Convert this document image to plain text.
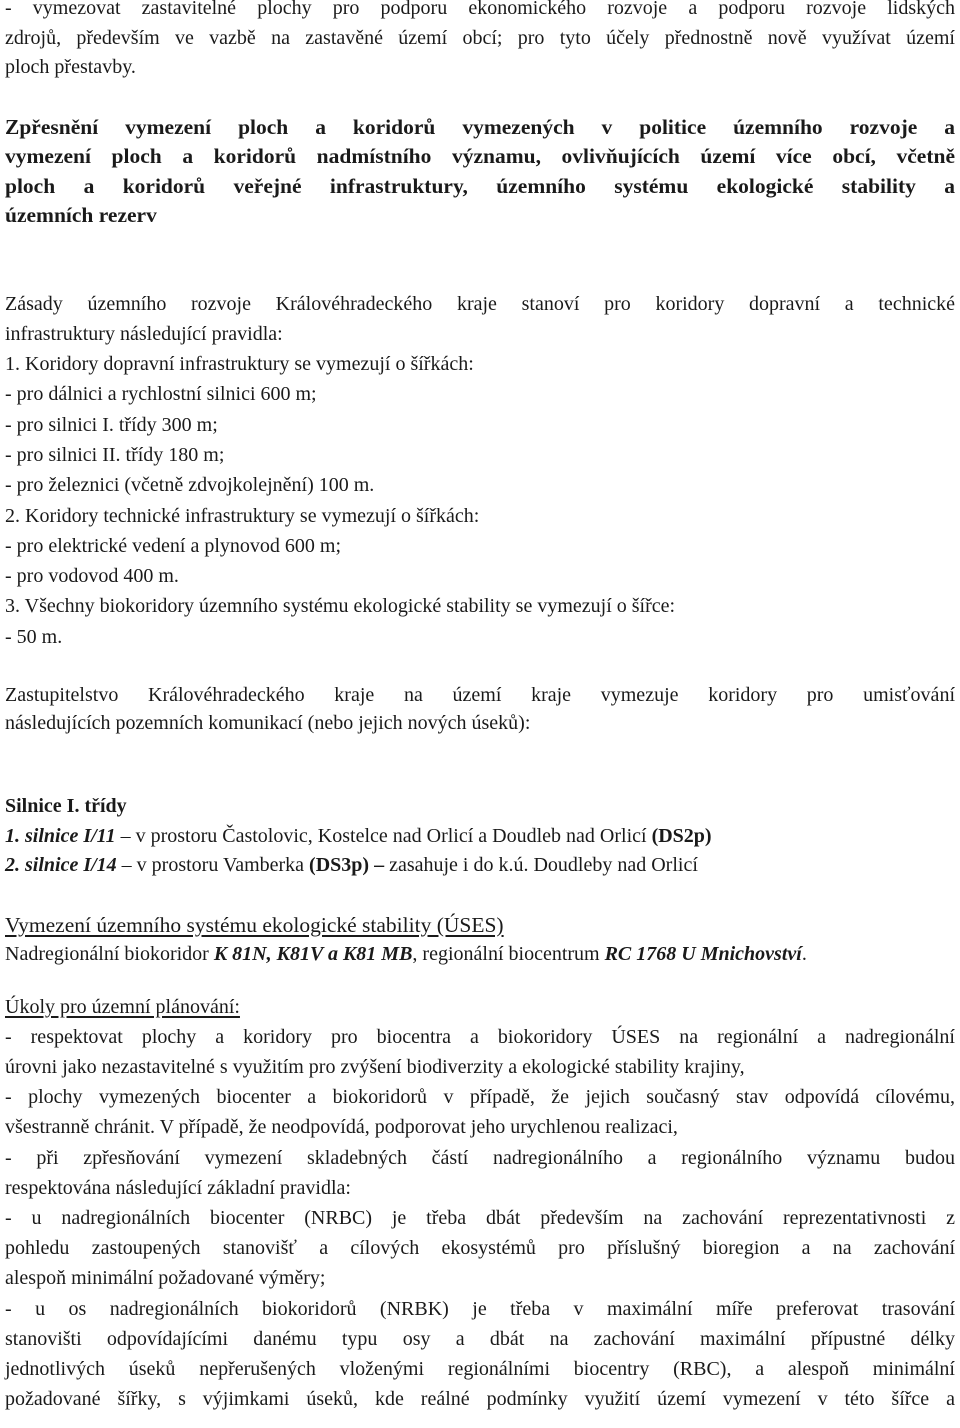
- vymezovat zastavitelné plochy pro podporu ekonomického rozvoje a podporu rozvoje lidských

zdrojů, především ve vazbě na zastavěné území obcí; pro tyto účely přednostně nově využívat území

ploch přestavby.

Zpřesnění vymezení ploch a koridorů vymezených v politice územního rozvoje a

vymezení ploch a koridorů nadmístního významu, ovlivňujících území více obcí, včetně

ploch a koridorů veřejné infrastruktury, územního systému ekologické stability a

územních rezerv

Zásady územního rozvoje Královéhradeckého kraje stanoví pro koridory dopravní a technické

infrastruktury následující pravidla:

1. Koridory dopravní infrastruktury se vymezují o šířkách:

- pro dálnici a rychlostní silnici 600 m;

- pro silnici I. třídy 300 m;

- pro silnici II. třídy 180 m;

- pro železnici (včetně zdvojkolejnění) 100 m.

2. Koridory technické infrastruktury se vymezují o šířkách:

- pro elektrické vedení a plynovod 600 m;

- pro vodovod 400 m.

3. Všechny biokoridory územního systému ekologické stability se vymezují o šířce:

- 50 m.

Zastupitelstvo Královéhradeckého kraje na území kraje vymezuje koridory pro umisťování

následujících pozemních komunikací (nebo jejich nových úseků):

Silnice I. třídy

1. silnice I/11 – v prostoru Častolovic, Kostelce nad Orlicí a Doudleb nad Orlicí (DS2p)

2. silnice I/14 – v prostoru Vamberka (DS3p) – zasahuje i do k.ú. Doudleby nad Orlicí

Vymezení územního systému ekologické stability (ÚSES)

Nadregionální biokoridor K 81N, K81V a K81 MB, regionální biocentrum RC 1768 U Mnichovství.

Úkoly pro územní plánování:

- respektovat plochy a koridory pro biocentra a biokoridory ÚSES na regionální a nadregionální

úrovni jako nezastavitelné s využitím pro zvýšení biodiverzity a ekologické stability krajiny,

- plochy vymezených biocenter a biokoridorů v případě, že jejich současný stav odpovídá cílovému,

všestranně chránit. V případě, že neodpovídá, podporovat jeho urychlenou realizaci,

- při zpřesňování vymezení skladebných částí nadregionálního a regionálního významu budou

respektována následující základní pravidla:

- u nadregionálních biocenter (NRBC) je třeba dbát především na zachování reprezentativnosti z

pohledu zastoupených stanovišť a cílových ekosystémů pro příslušný bioregion a na zachování

alespoň minimální požadované výměry;

- u os nadregionálních biokoridorů (NRBK) je třeba v maximální míře preferovat trasování

stanovišti odpovídajícími danému typu osy a dbát na zachování maximální přípustné délky

jednotlivých úseků nepřerušených vloženými regionálními biocentry (RBC), a alespoň minimální

požadované šířky, s výjimkami úseků, kde reálné podmínky využití území vymezení v této šířce a
